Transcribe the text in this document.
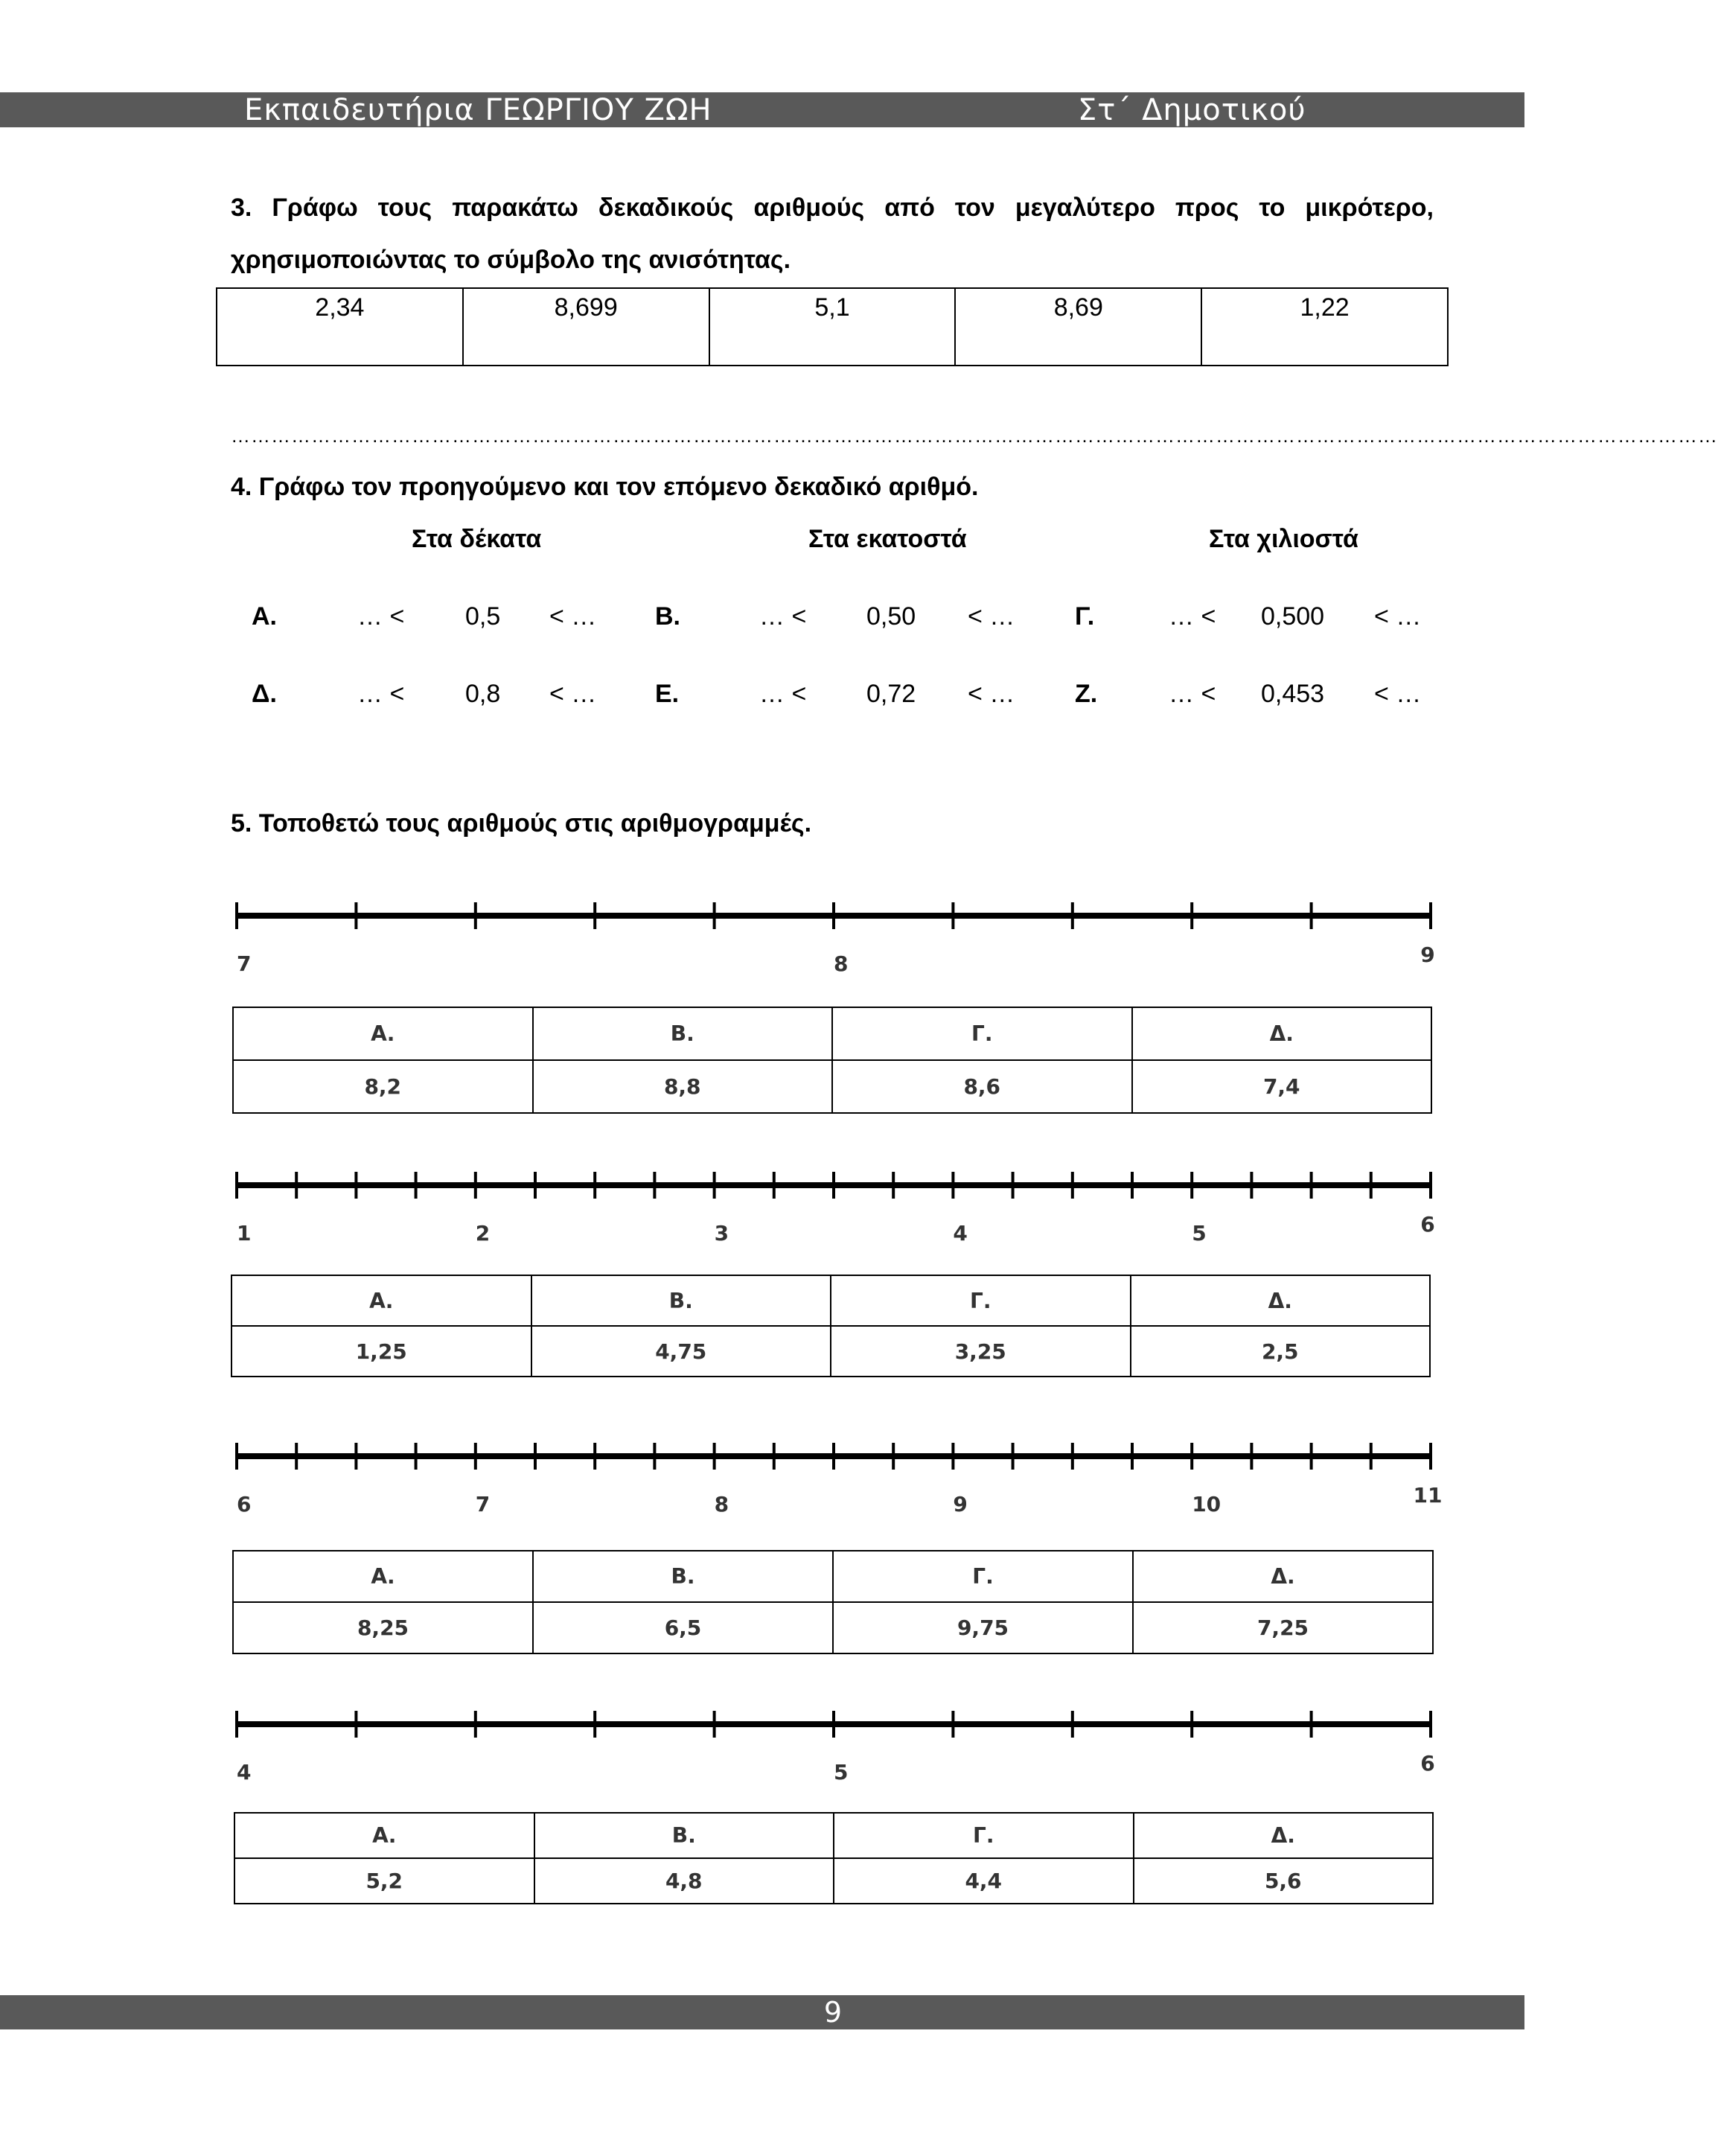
Εκπαιδευτήρια ΓΕΩΡΓΙΟΥ ΖΩΗ	Στ΄ Δημοτικού
3. Γράφω τους παρακάτω δεκαδικούς αριθμούς από τον μεγαλύτερο προς το μικρότερο,
χρησιμοποιώντας το σύμβολο της ανισότητας.
2,34	8,699	5,1	8,69	1,22
……………………………………………………………………………………………………………………………………………………………………………………………………
4. Γράφω τον προηγούμενο και τον επόμενο δεκαδικό αριθμό.
Στα δέκατα	Στα εκατοστά	Στα χιλιοστά
Α.	… < 0,5 < … Β.	… < 0,50 < … Γ.	… < 0,500 < …
Δ.	… < 0,8 < … Ε.	… < 0,72 < … Ζ.	… < 0,453 < …
5. Τοποθετώ τους αριθμούς στις αριθμογραμμές.
7	8	9
Α.	Β.	Γ.	Δ.
8,2	8,8	8,6	7,4
1	2	3	4	5	6
Α.	Β.	Γ.	Δ.
1,25	4,75	3,25	2,5
6	7	8	9	10	11
Α.	Β.	Γ.	Δ.
8,25	6,5	9,75	7,25
4	5	6
Α.	Β.	Γ.	Δ.
5,2	4,8	4,4	5,6
9
